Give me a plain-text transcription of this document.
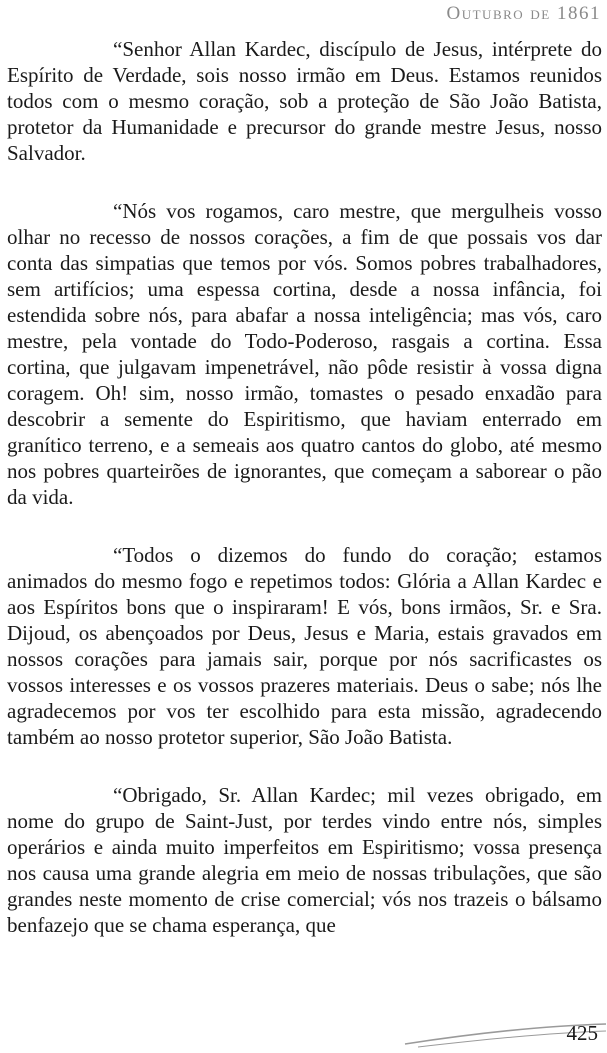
Outubro de 1861

“Senhor Allan Kardec, discípulo de Jesus, intérprete do Espírito de Verdade, sois nosso irmão em Deus. Estamos reunidos todos com o mesmo coração, sob a proteção de São João Batista, protetor da Humanidade e precursor do grande mestre Jesus, nosso Salvador.

“Nós vos rogamos, caro mestre, que mergulheis vosso olhar no recesso de nossos corações, a fim de que possais vos dar conta das simpatias que temos por vós. Somos pobres trabalhadores, sem artifícios; uma espessa cortina, desde a nossa infância, foi estendida sobre nós, para abafar a nossa inteligência; mas vós, caro mestre, pela vontade do Todo-Poderoso, rasgais a cortina. Essa cortina, que julgavam impenetrável, não pôde resistir à vossa digna coragem. Oh! sim, nosso irmão, tomastes o pesado enxadão para descobrir a semente do Espiritismo, que haviam enterrado em granítico terreno, e a semeais aos quatro cantos do globo, até mesmo nos pobres quarteirões de ignorantes, que começam a saborear o pão da vida.

“Todos o dizemos do fundo do coração; estamos animados do mesmo fogo e repetimos todos: Glória a Allan Kardec e aos Espíritos bons que o inspiraram! E vós, bons irmãos, Sr. e Sra. Dijoud, os abençoados por Deus, Jesus e Maria, estais gravados em nossos corações para jamais sair, porque por nós sacrificastes os vossos interesses e os vossos prazeres materiais. Deus o sabe; nós lhe agradecemos por vos ter escolhido para esta missão, agradecendo também ao nosso protetor superior, São João Batista.

“Obrigado, Sr. Allan Kardec; mil vezes obrigado, em nome do grupo de Saint-Just, por terdes vindo entre nós, simples operários e ainda muito imperfeitos em Espiritismo; vossa presença nos causa uma grande alegria em meio de nossas tribulações, que são grandes neste momento de crise comercial; vós nos trazeis o bálsamo benfazejo que se chama esperança, que

425
